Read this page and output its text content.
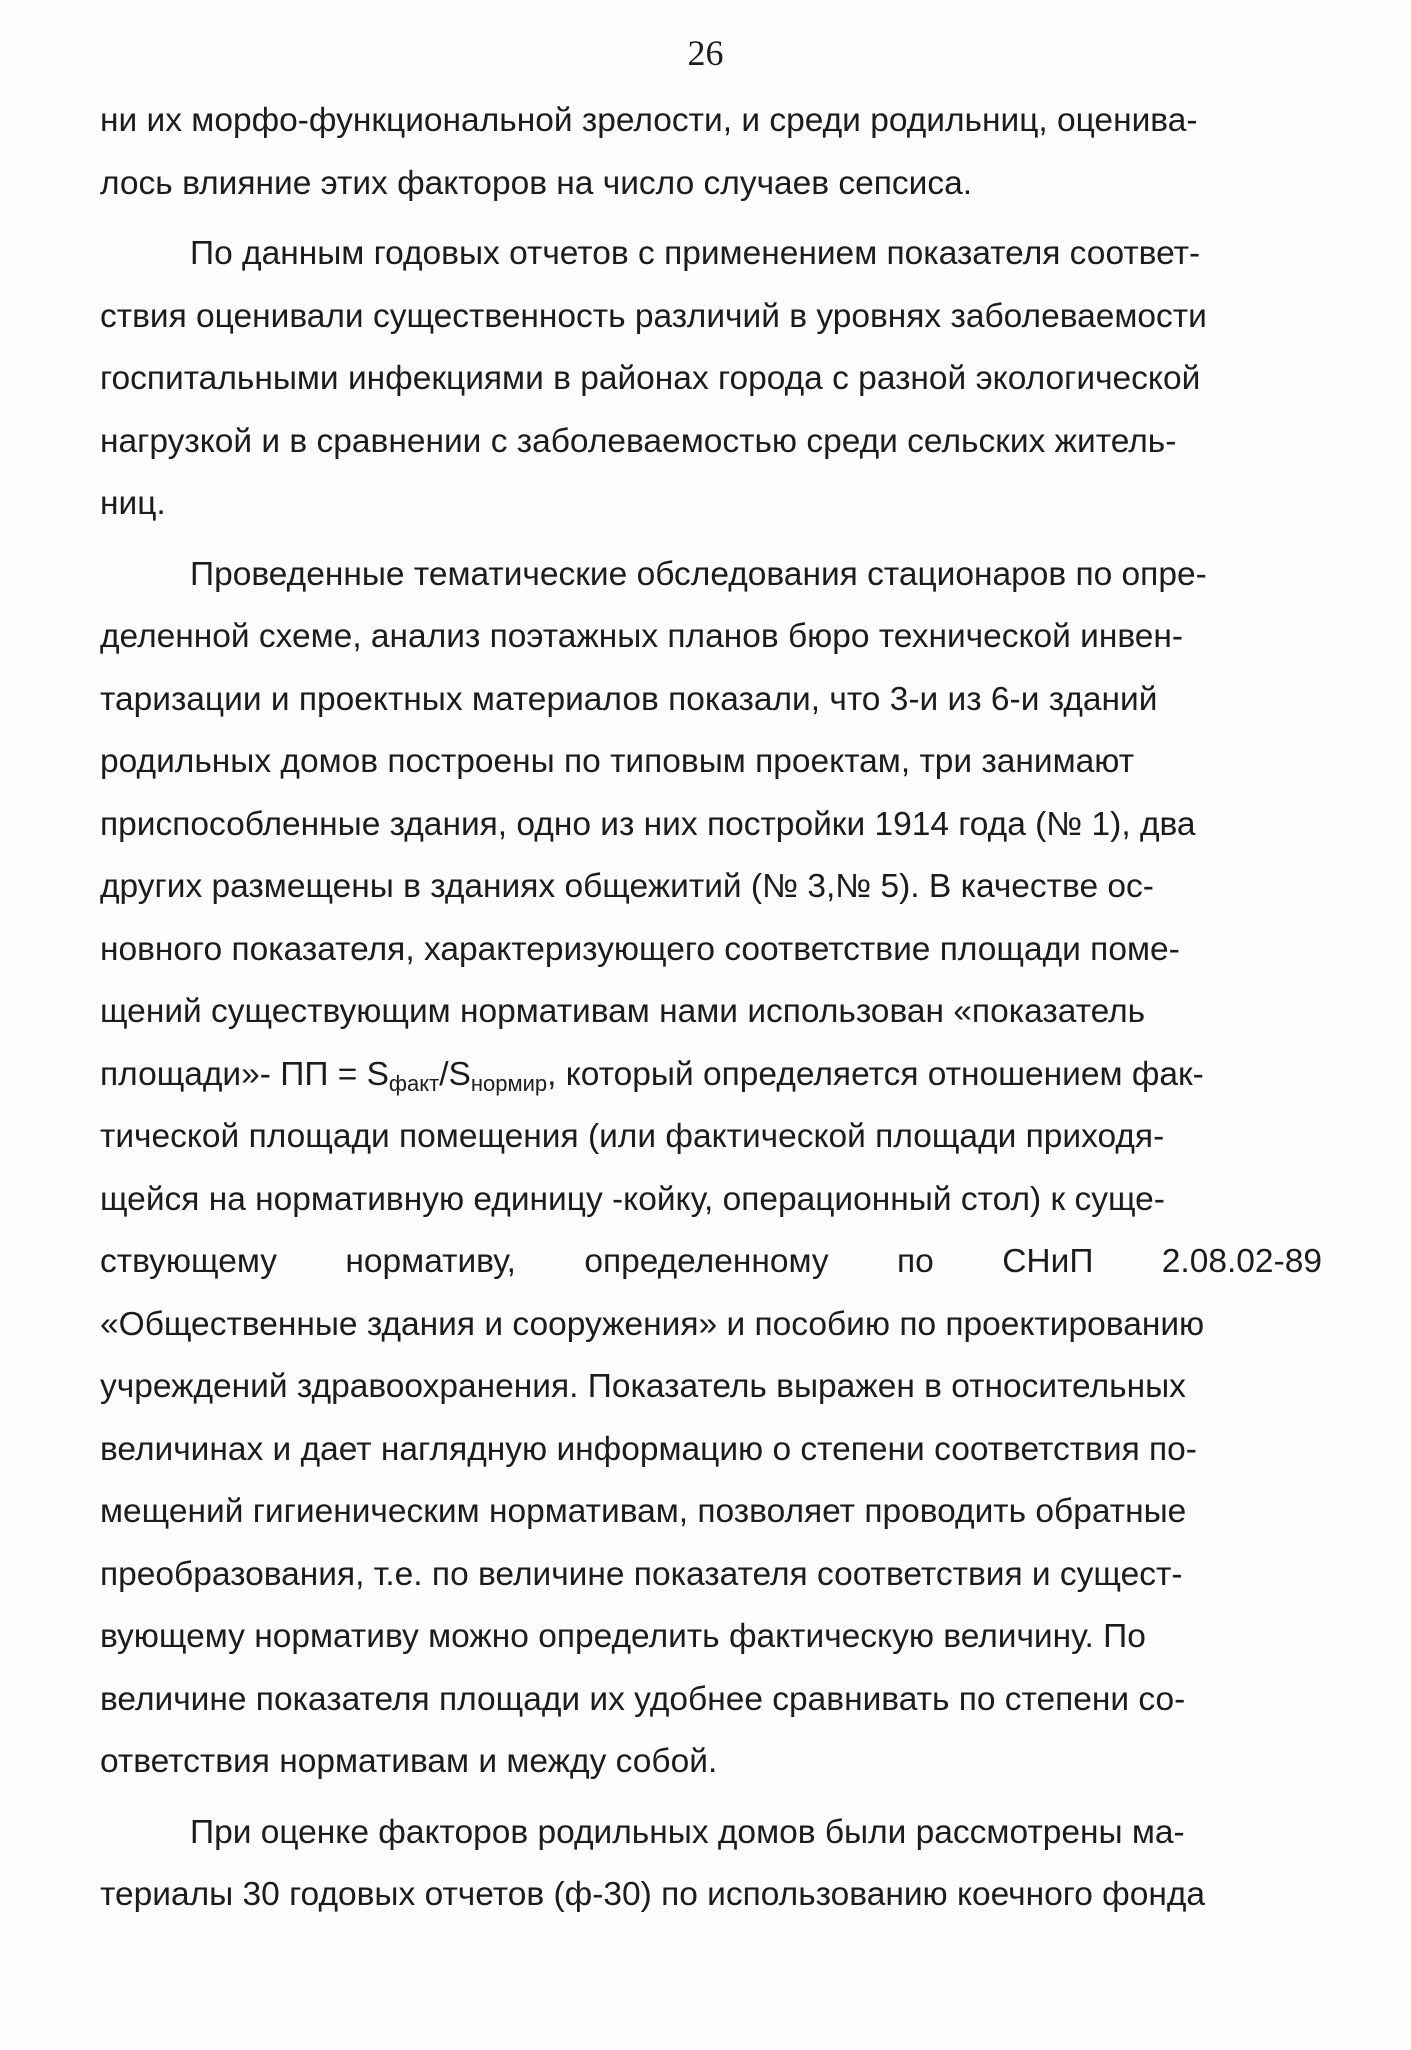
26
ни их морфо-функциональной зрелости, и среди родильниц, оценива-
лось влияние этих факторов на число случаев сепсиса.
По данным годовых отчетов с применением показателя соответ-
ствия оценивали существенность различий в уровнях заболеваемости
госпитальными инфекциями в районах города с разной экологической
нагрузкой и в сравнении с заболеваемостью среди сельских житель-
ниц.
Проведенные тематические обследования стационаров по опре-
деленной схеме, анализ поэтажных планов бюро технической инвен-
таризации и проектных материалов показали, что 3-и из 6-и зданий
родильных домов построены по типовым проектам, три занимают
приспособленные здания, одно из них постройки 1914 года (№ 1), два
других размещены в зданиях общежитий (№ 3,№ 5). В качестве ос-
новного показателя, характеризующего соответствие площади поме-
щений существующим нормативам нами использован «показатель
площади»- ПП = $S_{факт}/S_{нормир}$, который определяется отношением фак-
тической площади помещения (или фактической площади приходя-
щейся на нормативную единицу -койку, операционный стол) к суще-
ствующему нормативу, определенному по СНиП 2.08.02-89
«Общественные здания и сооружения» и пособию по проектированию
учреждений здравоохранения. Показатель выражен в относительных
величинах и дает наглядную информацию о степени соответствия по-
мещений гигиеническим нормативам, позволяет проводить обратные
преобразования, т.е. по величине показателя соответствия и сущест-
вующему нормативу можно определить фактическую величину. По
величине показателя площади их удобнее сравнивать по степени со-
ответствия нормативам и между собой.
При оценке факторов родильных домов были рассмотрены ма-
териалы 30 годовых отчетов (ф-30) по использованию коечного фонда
